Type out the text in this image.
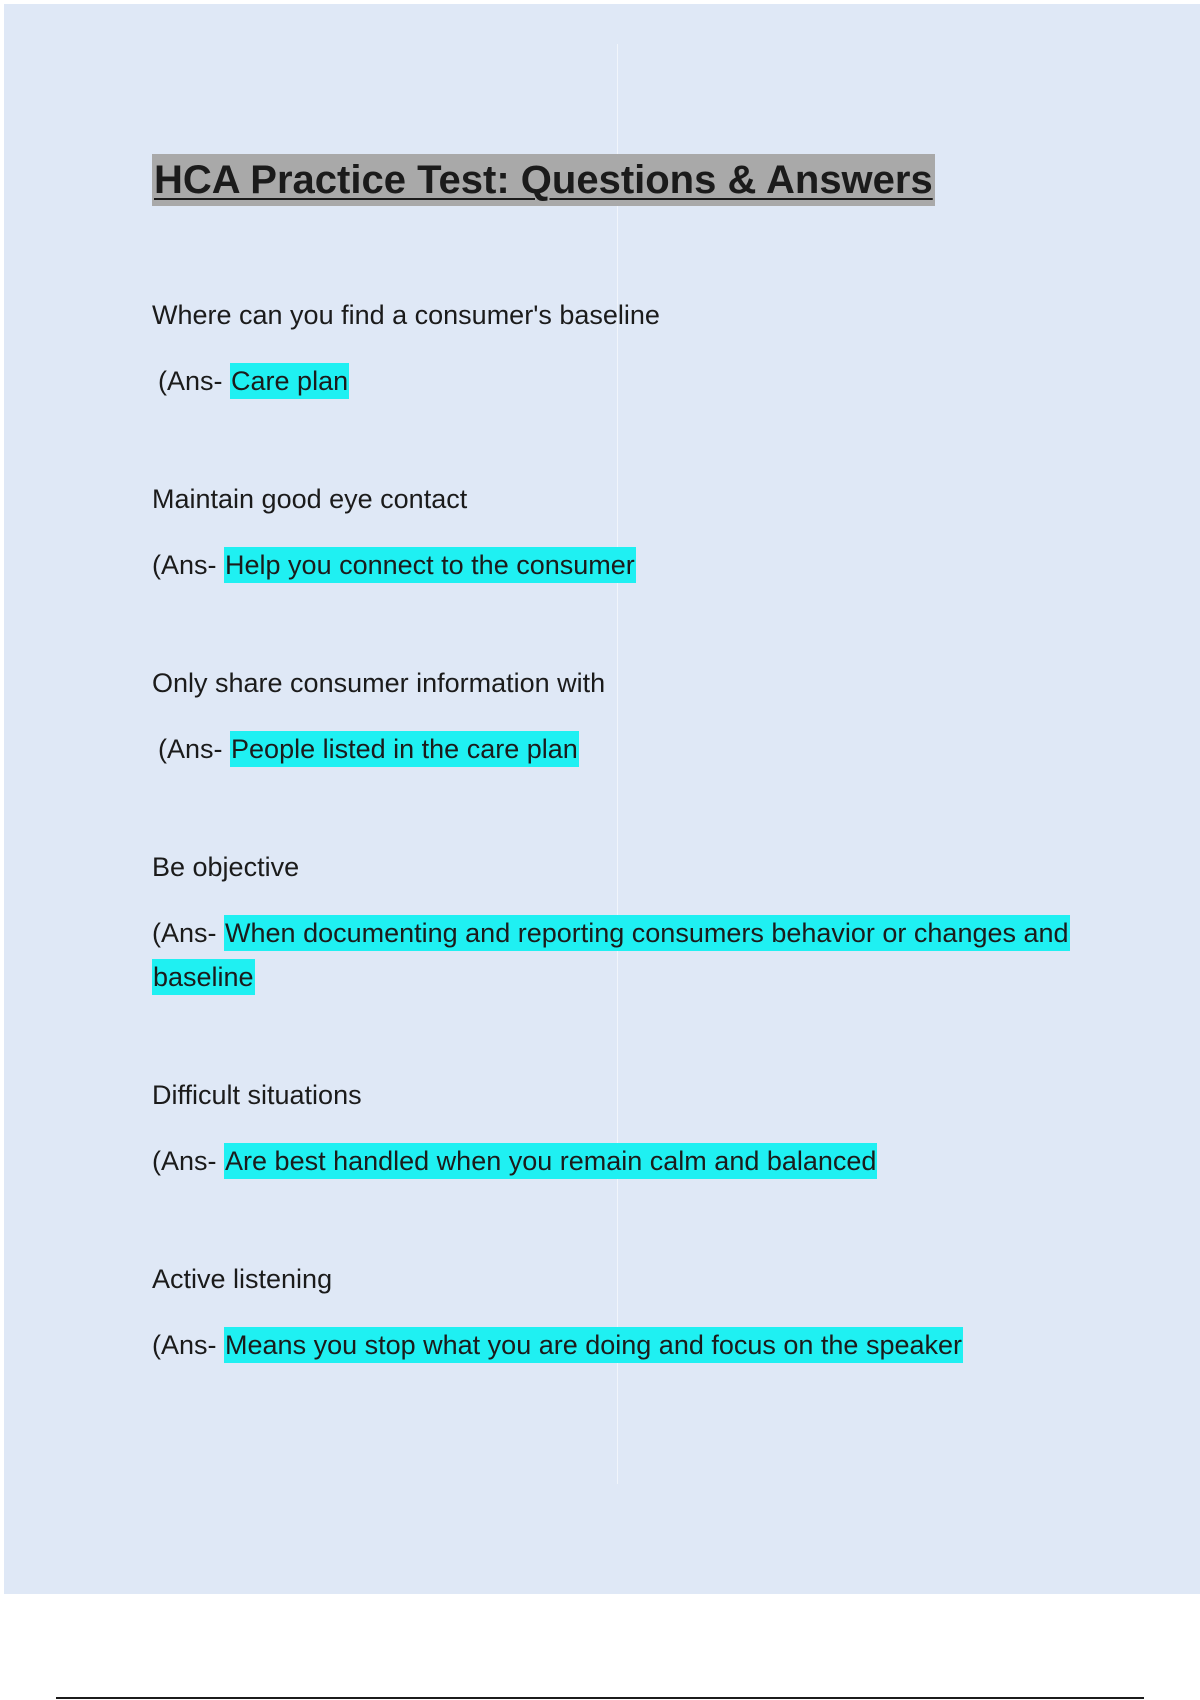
HCA Practice Test: Questions & Answers

Where can you find a consumer's baseline

(Ans- Care plan

Maintain good eye contact

(Ans- Help you connect to the consumer

Only share consumer information with

(Ans- People listed in the care plan

Be objective

(Ans- When documenting and reporting consumers behavior or changes and baseline

Difficult situations

(Ans- Are best handled when you remain calm and balanced

Active listening

(Ans- Means you stop what you are doing and focus on the speaker
